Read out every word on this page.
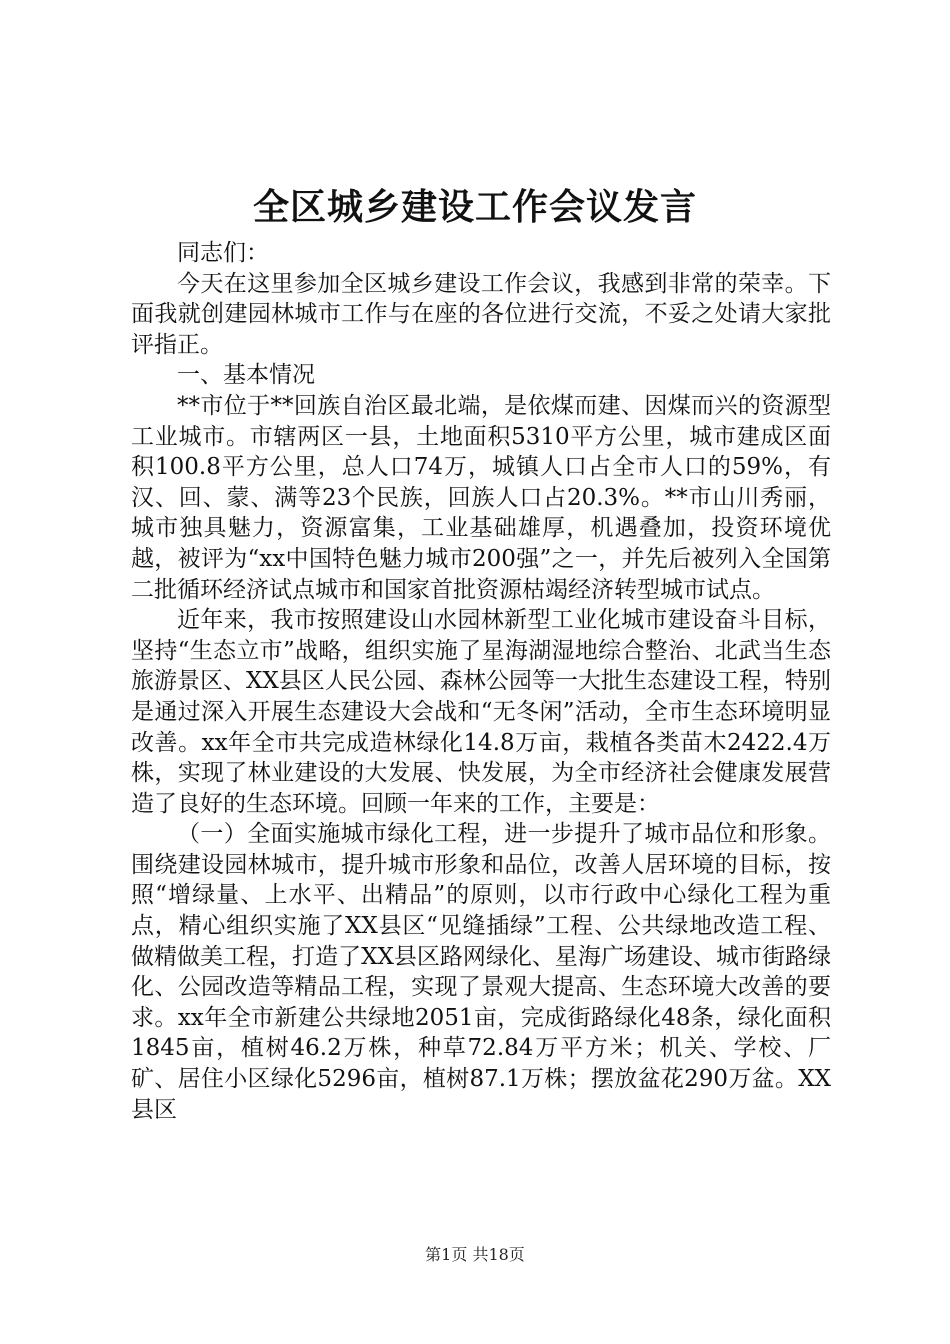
全区城乡建设工作会议发言

同志们：

今天在这里参加全区城乡建设工作会议，我感到非常的荣幸。下面我就创建园林城市工作与在座的各位进行交流，不妥之处请大家批评指正。

一、基本情况

**市位于**回族自治区最北端，是依煤而建、因煤而兴的资源型工业城市。市辖两区一县，土地面积5310平方公里，城市建成区面积100.8平方公里，总人口74万，城镇人口占全市人口的59%，有汉、回、蒙、满等23个民族，回族人口占20.3%。**市山川秀丽，城市独具魅力，资源富集，工业基础雄厚，机遇叠加，投资环境优越，被评为“xx中国特色魅力城市200强”之一，并先后被列入全国第二批循环经济试点城市和国家首批资源枯竭经济转型城市试点。

近年来，我市按照建设山水园林新型工业化城市建设奋斗目标，坚持“生态立市”战略，组织实施了星海湖湿地综合整治、北武当生态旅游景区、XX县区人民公园、森林公园等一大批生态建设工程，特别是通过深入开展生态建设大会战和“无冬闲”活动，全市生态环境明显改善。xx年全市共完成造林绿化14.8万亩，栽植各类苗木2422.4万株，实现了林业建设的大发展、快发展，为全市经济社会健康发展营造了良好的生态环境。回顾一年来的工作，主要是：

（一）全面实施城市绿化工程，进一步提升了城市品位和形象。围绕建设园林城市，提升城市形象和品位，改善人居环境的目标，按照“增绿量、上水平、出精品”的原则，以市行政中心绿化工程为重点，精心组织实施了XX县区“见缝插绿”工程、公共绿地改造工程、做精做美工程，打造了XX县区路网绿化、星海广场建设、城市街路绿化、公园改造等精品工程，实现了景观大提高、生态环境大改善的要求。xx年全市新建公共绿地2051亩，完成街路绿化48条，绿化面积1845亩，植树46.2万株，种草72.84万平方米；机关、学校、厂矿、居住小区绿化5296亩，植树87.1万株；摆放盆花290万盆。XX县区

第1页 共18页
